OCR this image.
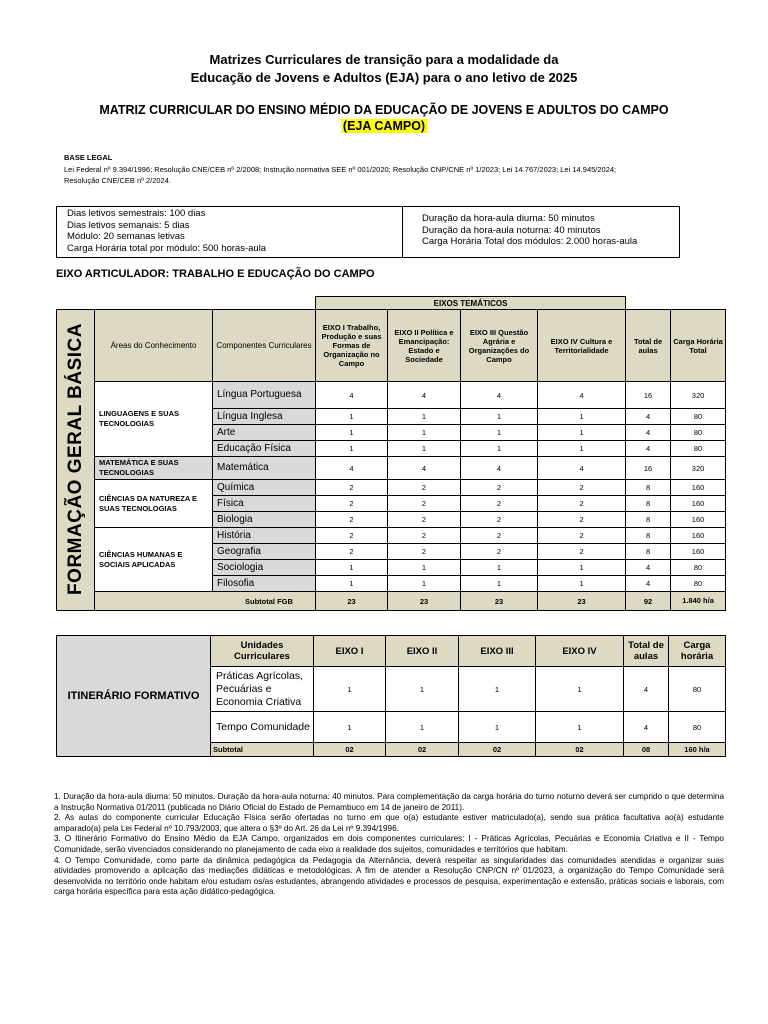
Matrizes Curriculares de transição para a modalidade da
Educação de Jovens e Adultos (EJA) para o ano letivo de 2025
MATRIZ CURRICULAR DO ENSINO MÉDIO DA EDUCAÇÃO DE JOVENS E ADULTOS DO CAMPO
(EJA CAMPO)
BASE LEGAL
Lei Federal nº 9.394/1996; Resolução CNE/CEB nº 2/2008; Instrução normativa SEE nº 001/2020; Resolução CNP/CNE nº 1/2023; Lei 14.767/2023; Lei 14.945/2024;
Resolução CNE/CEB nº 2/2024.
Dias letivos semestrais: 100 dias
Dias letivos semanais: 5 dias
Módulo: 20 semanas letivas
Carga Horária total por módulo: 500 horas-aula
Duração da hora-aula diurna: 50 minutos
Duração da hora-aula noturna: 40 minutos
Carga Horária Total dos módulos: 2.000 horas-aula
EIXO ARTICULADOR: TRABALHO E EDUCAÇÃO DO CAMPO
			EIXOS TEMÁTICOS					
FORMAÇÃO GERAL BÁSICA	Áreas do Conhecimento	Componentes Curriculares	EIXO I Trabalho, Produção e suas Formas de Organização no Campo	EIXO II Política e Emancipação: Estado e Sociedade	EIXO III Questão Agrária e Organizações do Campo	EIXO IV Cultura e Territorialidade	Total de aulas	Carga Horária Total
	LINGUAGENS E SUAS TECNOLOGIAS	Língua Portuguesa	4	4	4	4	16	320
		Língua Inglesa	1	1	1	1	4	80
		Arte	1	1	1	1	4	80
		Educação Física	1	1	1	1	4	80
	MATEMÁTICA E SUAS TECNOLOGIAS	Matemática	4	4	4	4	16	320
	CIÊNCIAS DA NATUREZA E SUAS TECNOLOGIAS	Química	2	2	2	2	8	160
		Física	2	2	2	2	8	160
		Biologia	2	2	2	2	8	160
	CIÊNCIAS HUMANAS E SOCIAIS APLICADAS	História	2	2	2	2	8	160
		Geografia	2	2	2	2	8	160
		Sociologia	1	1	1	1	4	80
		Filosofia	1	1	1	1	4	80
	Subtotal FGB		23	23	23	23	92	1.840 h/a
ITINERÁRIO FORMATIVO	Unidades Curriculares	EIXO I	EIXO II	EIXO III	EIXO IV	Total de aulas	Carga horária
	Práticas Agrícolas, Pecuárias e Economia Criativa	1	1	1	1	4	80
	Tempo Comunidade	1	1	1	1	4	80
	Subtotal	02	02	02	02	08	160 h/a

1. Duração da hora-aula diurna: 50 minutos. Duração da hora-aula noturna: 40 minutos. Para complementação da carga horária do turno noturno deverá ser cumprido o que determina a Instrução Normativa 01/2011 (publicada no Diário Oficial do Estado de Pernambuco em 14 de janeiro de 2011).

2. As aulas do componente curricular Educação Física serão ofertadas no turno em que o(a) estudante estiver matriculado(a), sendo sua prática facultativa ao(à) estudante amparado(a) pela Lei Federal nº 10.793/2003, que altera o §3º do Art. 26 da Lei nº 9.394/1996.

3. O Itinerário Formativo do Ensino Médio da EJA Campo, organizados em dois componentes curriculares: I - Práticas Agrícolas, Pecuárias e Economia Criativa e II - Tempo Comunidade, serão vivenciados considerando no planejamento de cada eixo a realidade dos sujeitos, comunidades e territórios que habitam.

4. O Tempo Comunidade, como parte da dinâmica pedagógica da Pedagogia da Alternância, deverá respeitar as singularidades das comunidades atendidas e organizar suas atividades promovendo a aplicação das mediações didáticas e metodológicas. A fim de atender a Resolução CNP/CN nº 01/2023, a organização do Tempo Comunidade será desenvolvida no território onde habitam e/ou estudam os/as estudantes, abrangendo atividades e processos de pesquisa, experimentação e extensão, práticas sociais e laborais, com carga horária específica para esta ação didático-pedagógica.
